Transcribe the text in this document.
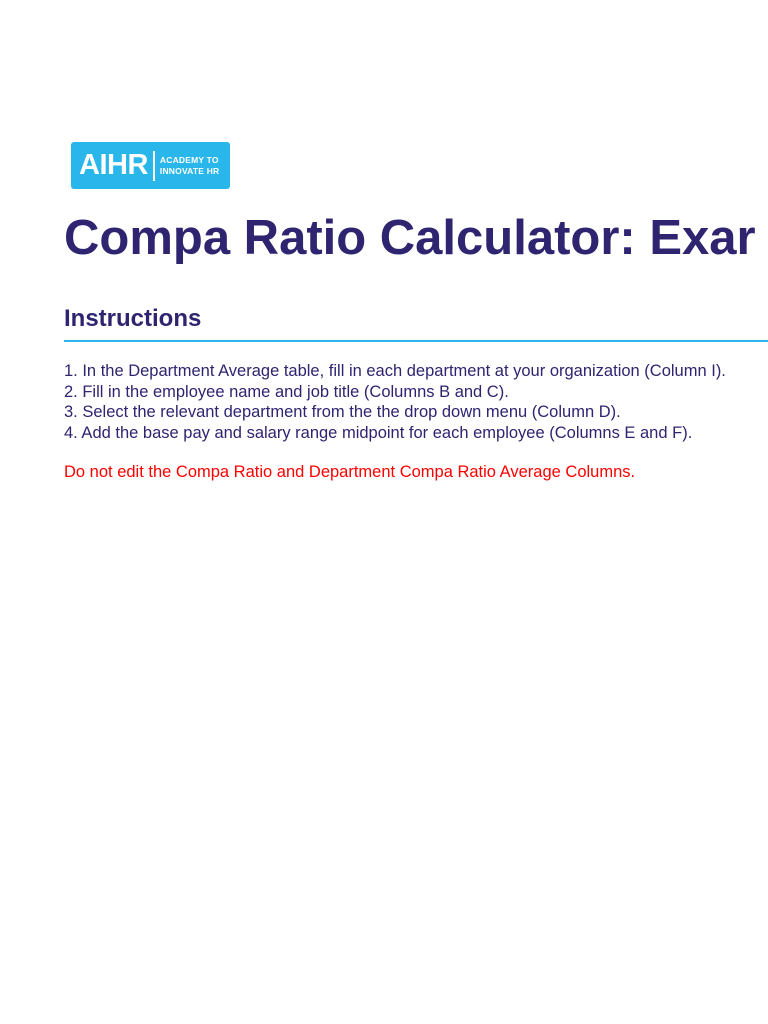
AIHR ACADEMY TO
INNOVATE HR
Compa Ratio Calculator: Exar
Instructions
1. In the Department Average table, fill in each department at your organization (Column I).
2. Fill in the employee name and job title (Columns B and C).
3. Select the relevant department from the the drop down menu (Column D).
4. Add the base pay and salary range midpoint for each employee (Columns E and F).

Do not edit the Compa Ratio and Department Compa Ratio Average Columns.
